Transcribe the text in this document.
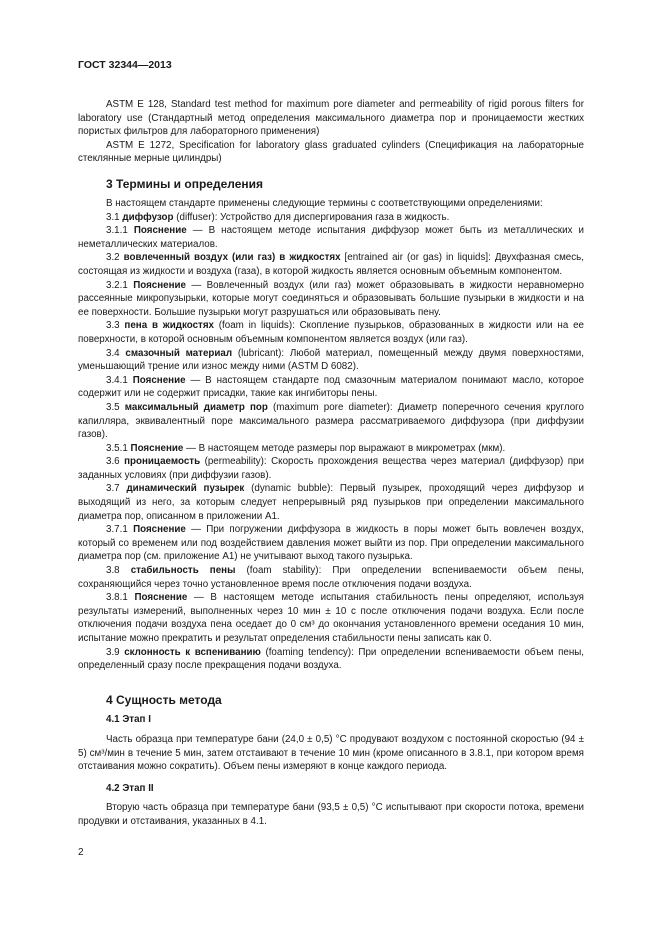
ГОСТ 32344—2013

ASTM E 128, Standard test method for maximum pore diameter and permeability of rigid porous filters for laboratory use (Стандартный метод определения максимального диаметра пор и проницаемости жестких пористых фильтров для лабораторного применения)

ASTM E 1272, Specification for laboratory glass graduated cylinders (Спецификация на лабораторные стеклянные мерные цилиндры)

3 Термины и определения

В настоящем стандарте применены следующие термины с соответствующими определениями:

3.1 диффузор (diffuser): Устройство для диспергирования газа в жидкость.

3.1.1 Пояснение — В настоящем методе испытания диффузор может быть из металлических и неметаллических материалов.

3.2 вовлеченный воздух (или газ) в жидкостях [entrained air (or gas) in liquids]: Двухфазная смесь, состоящая из жидкости и воздуха (газа), в которой жидкость является основным объемным компонентом.

3.2.1 Пояснение — Вовлеченный воздух (или газ) может образовывать в жидкости неравномерно рассеянные микропузырьки, которые могут соединяться и образовывать большие пузырьки в жидкости и на ее поверхности. Большие пузырьки могут разрушаться или образовывать пену.

3.3 пена в жидкостях (foam in liquids): Скопление пузырьков, образованных в жидкости или на ее поверхности, в которой основным объемным компонентом является воздух (или газ).

3.4 смазочный материал (lubricant): Любой материал, помещенный между двумя поверхностями, уменьшающий трение или износ между ними (ASTM D 6082).

3.4.1 Пояснение — В настоящем стандарте под смазочным материалом понимают масло, которое содержит или не содержит присадки, такие как ингибиторы пены.

3.5 максимальный диаметр пор (maximum pore diameter): Диаметр поперечного сечения круглого капилляра, эквивалентный поре максимального размера рассматриваемого диффузора (при диффузии газов).

3.5.1 Пояснение — В настоящем методе размеры пор выражают в микрометрах (мкм).

3.6 проницаемость (permeability): Скорость прохождения вещества через материал (диффузор) при заданных условиях (при диффузии газов).

3.7 динамический пузырек (dynamic bubble): Первый пузырек, проходящий через диффузор и выходящий из него, за которым следует непрерывный ряд пузырьков при определении максимального диаметра пор, описанном в приложении А1.

3.7.1 Пояснение — При погружении диффузора в жидкость в поры может быть вовлечен воздух, который со временем или под воздействием давления может выйти из пор. При определении максимального диаметра пор (см. приложение А1) не учитывают выход такого пузырька.

3.8 стабильность пены (foam stability): При определении вспениваемости объем пены, сохраняющийся через точно установленное время после отключения подачи воздуха.

3.8.1 Пояснение — В настоящем методе испытания стабильность пены определяют, используя результаты измерений, выполненных через 10 мин ± 10 с после отключения подачи воздуха. Если после отключения подачи воздуха пена оседает до 0 см³ до окончания установленного времени оседания 10 мин, испытание можно прекратить и результат определения стабильности пены записать как 0.

3.9 склонность к вспениванию (foaming tendency): При определении вспениваемости объем пены, определенный сразу после прекращения подачи воздуха.

4 Сущность метода
4.1 Этап I

Часть образца при температуре бани (24,0 ± 0,5) °С продувают воздухом с постоянной скоростью (94 ± 5) см³/мин в течение 5 мин, затем отстаивают в течение 10 мин (кроме описанного в 3.8.1, при котором время отстаивания можно сократить). Объем пены измеряют в конце каждого периода.

4.2 Этап II

Вторую часть образца при температуре бани (93,5 ± 0,5) °С испытывают при скорости потока, времени продувки и отстаивания, указанных в 4.1.

2
